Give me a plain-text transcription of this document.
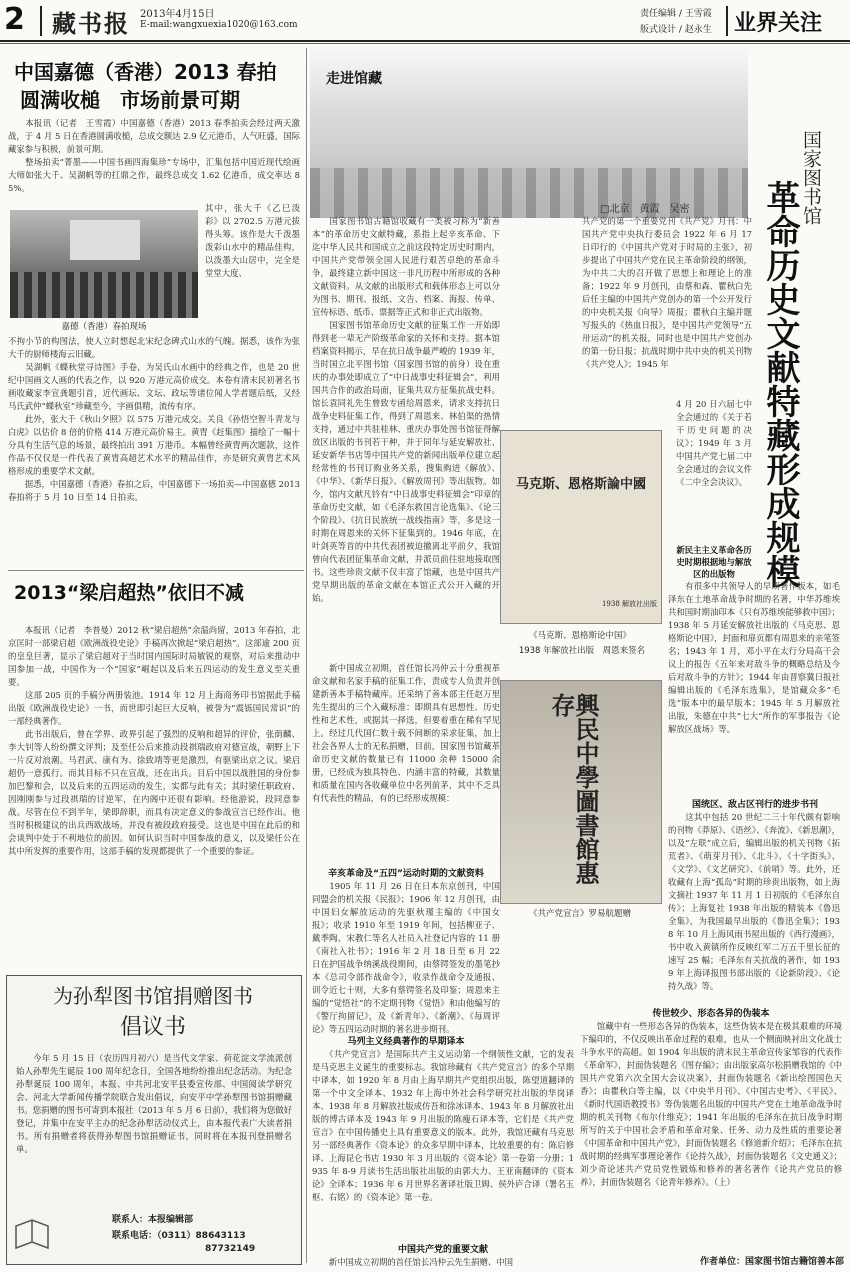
2 藏书报 2013年4月15日
E-mail:wangxuexia1020@163.com
责任编辑 / 王雪霞
版式设计 / 赵永生 业界关注
中国嘉德（香港）2013 春拍
圆满收槌　市场前景可期
　　本报讯（记者　王雪霞）中国嘉德（香港）2013 春季拍卖会经过两天激战，于 4 月 5 日在香港圆满收槌，总成交额达 2.9 亿元港币，人气旺盛，国际藏家参与积极，前景可期。
　　整场拍卖“菁墨——中国书画四海集珍”专场中，汇集包括中国近现代绘画大师如张大千、吴湖帆等的扛鼎之作，最终总成交 1.62 亿港币，成交率达 85%。
嘉德（香港）春拍现场
其中，张大千《乙巳泼彩》以 2702.5 万港元拔得头筹。该作是大千泼墨泼彩山水中的精品佳构，以泼墨大山居中，完全是堂堂大度、
不拘小节的构图法，使人立时想起北宋纪念碑式山水的气魄。据悉，该作为张大千的厨师楼海云旧藏。
　　吴湖帆《蝶秋堂寻诗图》手卷，为吴氏山水画中的经典之作，也是 20 世纪中国画文人画的代表之作，以 920 万港元高价成交。本卷有清末民初著名书画收藏家李宣龚题引首，近代画坛、文坛、政坛等诸位闻人学者题后纸，又经马氏武仲“蝶秋室”珍藏至今，字画俱精，流传有序。
　　此外，张大千《秋山夕照》以 575 万港元成交。关良《孙悟空智斗青龙与白虎》以估价 8 倍的价格 414 万港元高价易主。黄胄《赶集图》描绘了一幅十分具有生活气息的场景，最终拍出 391 万港币。本幅曾经黄胄两次题款，这件作品不仅仅是一件代表了黄胄高超艺术水平的精品佳作，亦是研究黄胄艺术风格形成的重要学术文献。
　　据悉，中国嘉德（香港）春拍之后，中国嘉德下一场拍卖—中国嘉德 2013 春拍将于 5 月 10 日至 14 日拍卖。
2013“梁启超热”依旧不减
　　本报讯（记者　李普曼）2012 秋“梁启超热”余温尚留，2013 年春拍，北京匡时一部梁启超《欧洲战役史论》手稿再次掀起“梁启超热”。这部逾 200 页的皇皇巨著，显示了梁启超对于当时国内国际时局敏锐的观察，对后来推动中国参加一战，中国作为一个“国家”崛起以及后来五四运动的发生意义至关重要。
　　这部 205 页的手稿分两册装池。1914 年 12 月上海商务印书馆据此手稿出版《欧洲战役史论》一书，而世即引起巨大反响，被誉为“震铄国民常识”的一部经典著作。
　　此书出版后，曾在学界、政界引起了强烈的反响和超异的评价，张荫麟、李大钊等人纷纷撰文评判；及至任公后来推动段祺瑞政府对德宣战，朝野上下一片反对浪潮。马君武、康有为、徐致靖等更是激烈，有驱梁出京之议。梁启超仍一意孤行。而其目标不只在宣战，还在出兵。目后中国以战胜国的身份参加巴黎和会，以及后来的五四运动的发生，实都与此有关；其时梁任职政府、因刚刚参与过段祺瑞的讨逆军，在内阁中还很有影响。经他游说，段同意参战。尽管在位不到半年，梁即辞职，而具有决定意义的参战宣言已经作出。他当时积极建议的出兵西欧战场，并没有被段政府接受。这也是中国在此后的和会谈判中处于不利地位的前因。如何认识当时中国参战的意义，以及梁任公在其中所发挥的重要作用，这部手稿的发现都提供了一个重要的参证。
为孙犁图书馆捐赠图书
倡议书
　　今年 5 月 15 日（农历四月初六）是当代文学家、荷花淀文学流派创始人孙犁先生诞辰 100 周年纪念日，全国各地纷纷推出纪念活动。为纪念孙犁诞辰 100 周年，本报、中共河北安平县委宣传部、中国阅读学研究会、河北大学新闻传播学院联合发出倡议，向安平中学孙犁图书馆捐赠藏书。您捐赠的图书可寄到本报社（2013 年 5 月 6 日前），我们将为您做好登记，并集中在安平主办的纪念孙犁活动仪式上，由本报代表广大读者捐书。所有捐赠者将获得孙犁图书馆捐赠证书，同时将在本报刊登捐赠名单。
联系人：本报编辑部
联系电话：（0311）88643113
87732149
走进馆藏
国家图书馆
革命历史文献特藏形成规模
□北京　黄霞　吴密
　　国家图书馆古籍馆收藏有一类被习称为“新善本”的革命历史文献特藏，系指上起辛亥革命、下迄中华人民共和国成立之前这段特定历史时期内，中国共产党带领全国人民进行艰苦卓绝的革命斗争，最终建立新中国这一非凡历程中所形成的各种文献资料。从文献的出版形式和载体形态上可以分为图书、期刊、报纸、文告、档案、海报、传单、宣传标语、纸币、票据等正式和非正式出版物。
　　国家图书馆革命历史文献的征集工作一开始即得到老一辈无产阶级革命家的关怀和支持。据本馆档案资料揭示，早在抗日战争最严峻的 1939 年，当时国立北平图书馆（国家图书馆的前身）设在重庆的办事处即成立了“中日战事史料征辑会”，利用国共合作的政治局面，征集共双方征集抗战史料。馆长袁同礼先生曾致专函给周恩来，请求支持抗日战争史料征集工作，得到了周恩来、林伯渠的热情支持，通过中共驻桂林、重庆办事处图书馆征得解放区出版的书刊若干种，并于同年与延安解放社、延安新华书店等中国共产党的新闻出版单位建立起经常性的书刊订购业务关系，搜集购进《解放》、《中华》、《新华日报》、《解放周刊》等出版物。如今，馆内文献凡钤有“中日战事史料征辑会”印章的革命历史文献，如《毛泽东救国言论选集》、《论三个阶段》、《抗日民族统一战线指南》等，多是这一时期在周恩来的关怀下征集到的。1946 年底，在叶剑英等首的中共代表团被迫撤离北平前夕，我馆曾向代表团征集革命文献，并派员前往驻地接取图书。这些珍贵文献不仅丰富了馆藏，也是中国共产党早期出版的革命文献在本馆正式公开入藏的开始。
　　新中国成立初期，首任馆长冯仲云十分重视革命文献和名家手稿的征集工作，责成专人负责并创建新善本手稿特藏库。还采纳了善本部主任赵万里先生提出的三个入藏标准：即期具有思想性、历史性和艺术性，或据其一择选，但要着重在稀有罕见上。经过几代国仁数十载不间断的采求征集，加上社会各界人士的无私捐赠，目前，国家图书馆藏革命历史文献的数量已有 11000 余种 15000 余册，已经成为独具特色、内涵丰富的特藏，其数量和质量在国内各收藏单位中名列前茅，其中不乏具有代表性的精品，有的已经形成规模：
辛亥革命及“五四”运动时期的文献资料
　　1905 年 11 月 26 日在日本东京创刊，中国同盟会的机关报《民报》；1906 年 12 月创刊，由中国妇女解放运动的先驱秋瑾主编的《中国女报》；收录 1910 年至 1919 年间，包括柳亚子、戴季陶、宋教仁等名人社员入社登记内容的 11 册《南社入社书》；1916 年 2 月 18 日至 6 月 22 日在护国战争纳溪战役期间，由蔡锷签发的墨笔抄本《总司令部作战命令》，收录作战命令及通报、训令近七十则，大多有蔡锷签名及印鉴；周恩来主编的“觉悟社”的不定期刊物《觉悟》和由他编写的《警厅拘留记》，及《新青年》、《新潮》、《每周评论》等五四运动时期的著名进步期刊。
马克斯、恩格斯論中國
1938 解放社出版
《马克斯、恩格斯论中国》
1938 年解放社出版　周恩来签名
興民中學圖書館惠存
《共产党宣言》罗易航题赠
共产党的第一个重要党刊《共产党》月刊：中国共产党中央执行委员会 1922 年 6 月 17 日印行的《中国共产党对于时局的主张》，初步提出了中国共产党在民主革命阶段的纲领，为中共二大的召开做了思想上和理论上的准备；1922 年 9 月创刊，由蔡和森、瞿秋白先后任主编的中国共产党创办的第一个公开发行的中央机关报《向导》周报；瞿秋白主编并题写报头的《热血日报》，是中国共产党领导“五卅运动”的机关报，同时也是中国共产党创办的第一份日报；抗战时期中共中央的机关刊物《共产党人》；1945 年
4 月 20 日六届七中全会通过的《关于若干历史问题的决议》；1949 年 3 月中国共产党七届二中全会通过的会议文件《二中全会决议》。
新民主主义革命各历史时期根据地与解放区的出版物
　　有很多中共领导人的早期著作版本，如毛泽东在土地革命战争时期的名著，中华苏维埃共和国时期油印本《只有苏维埃能够救中国》；1938 年 5 月延安解放社出版的《马克思、恩格斯论中国》，封面和扉页都有周恩来的亲笔签名；1943 年 1 月，邓小平在太行分局高干会议上的报告《五年来对敌斗争的概略总结及今后对敌斗争的方针》；1944 年由晋察冀日报社编辑出版的《毛泽东选集》，是馆藏众多“毛选”版本中的最早版本；1945 年 5 月解放社出版，朱德在中共“七大”所作的军事报告《论解放区战场》等。
国统区、敌占区刊行的进步书刊
　　这其中包括 20 世纪二三十年代颇有影响的刊物《莽原》、《语丝》、《奔流》、《新思潮》，以及“左联”成立后，编辑出版的机关刊物《拓荒者》、《萌芽月刊》、《北斗》、《十字街头》、《文学》、《文艺研究》、《前哨》等。此外，还收藏有上海“孤岛”时期的珍贵出版物，如上海文摘社 1937 年 11 月 1 日初版的《毛泽东自传》；上海复社 1938 年出版的精装本《鲁迅全集》，为我国最早出版的《鲁迅全集》；1938 年 10 月上海风雨书屋出版的《西行漫画》，书中收入黄镇所作反映红军二万五千里长征的速写 25 幅；毛泽东有关抗战的著作，如 1939 年上海译报图书部出版的《论新阶段》、《论持久战》等。
马列主义经典著作的早期译本
　　《共产党宣言》是国际共产主义运动第一个纲领性文献，它的发表是马克思主义诞生的重要标志。我馆珍藏有《共产党宣言》的多个早期中译本，如 1920 年 8 月由上海早期共产党组织出版，陈望道翻译的第一个中文全译本、1932 年上海中外社会科学研究社出版的华岗译本、1938 年 8 月解放社版成仿吾和徐冰译本、1943 年 8 月解放社出版的博古译本及 1943 年 9 月出版的陈瘦石译本等，它们是《共产党宣言》在中国传播史上具有重要意义的版本。此外，我馆还藏有马克思另一部经典著作《资本论》的众多早期中译本，比较重要的有：陈启修译、上海昆仑书店 1930 年 3 月出版的《资本论》第一卷第一分册；1935 年 8-9 月读书生活出版社出版的由郭大力、王亚南翻译的《资本论》全译本；1936 年 6 月世界名著译社版卫姆、侯外庐合译（署名玉枢、右铭）的《资本论》第一卷。
中国共产党的重要文献
　　新中国成立初期的首任馆长冯仲云先生捐赠、中国
传世较少、形态各异的伪装本
　　馆藏中有一些形态各异的伪装本，这些伪装本是在极其艰难的环境下编印的，不仅反映出革命过程的艰难，也从一个侧面映衬出文化战士斗争水平的高超。如 1904 年出版的清末民主革命宣传家邹容的代表作《革命军》，封面伪装题名《图存编》；由出版家高尔松捐赠我馆的《中国共产党第六次全国大会议决案》，封面伪装题名《新出绘图国色天香》；由瞿秋白等主编，以《中央半月刊》、《中国古史考》、《平民》、《新时代国语教授书》等伪装题名出版的中国共产党在土地革命战争时期的机关刊物《布尔什维克》；1941 年出版的毛泽东在抗日战争时期所写的关于中国社会矛盾和革命对象、任务、动力及性质的重要论著《中国革命和中国共产党》，封面伪装题名《修道新介绍》；毛泽东在抗战时期的经典军事理论著作《论持久战》，封面伪装题名《文史通义》；刘少奇论述共产党员党性锻炼和修养的著名著作《论共产党员的修养》，封面伪装题名《论青年修养》。（上）
作者单位：国家图书馆古籍馆善本部
